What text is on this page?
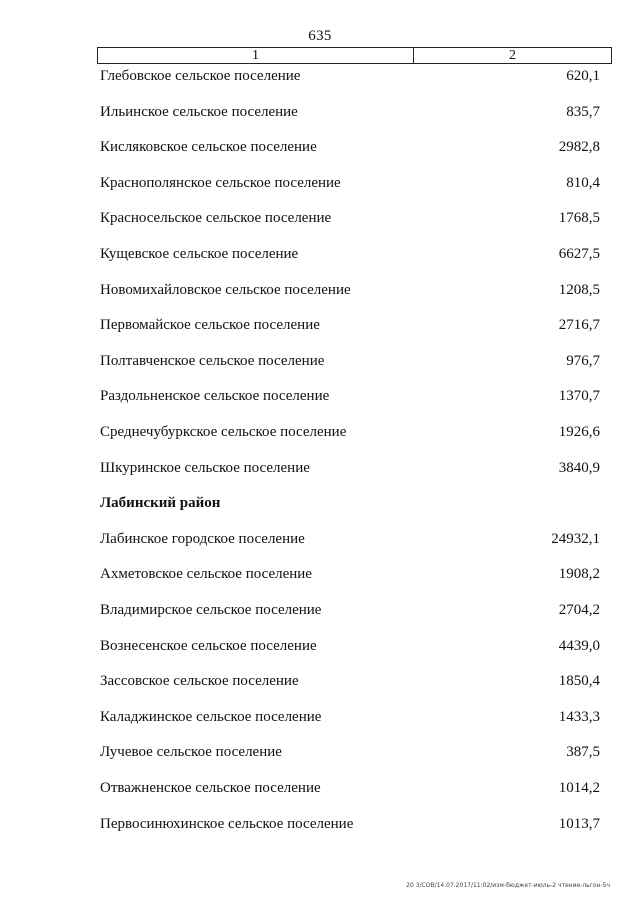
635
1	2
Глебовское сельское поселение	620,1
Ильинское сельское поселение	835,7
Кисляковское сельское поселение	2982,8
Краснополянское сельское поселение	810,4
Красносельское сельское поселение	1768,5
Кущевское сельское поселение	6627,5
Новомихайловское сельское поселение	1208,5
Первомайское сельское поселение	2716,7
Полтавченское сельское поселение	976,7
Раздольненское сельское поселение	1370,7
Среднечубуркское сельское поселение	1926,6
Шкуринское сельское поселение	3840,9
Лабинский район
Лабинское городское поселение	24932,1
Ахметовское сельское поселение	1908,2
Владимирское сельское поселение	2704,2
Вознесенское сельское поселение	4439,0
Зассовское сельское поселение	1850,4
Каладжинское сельское поселение	1433,3
Лучевое сельское поселение	387,5
Отважненское сельское поселение	1014,2
Первосинюхинское сельское поселение	1013,7
20 3/СОВ/14.07.2017/11:02/изм-бюджет-июль-2 чтение-льгон-5ч
